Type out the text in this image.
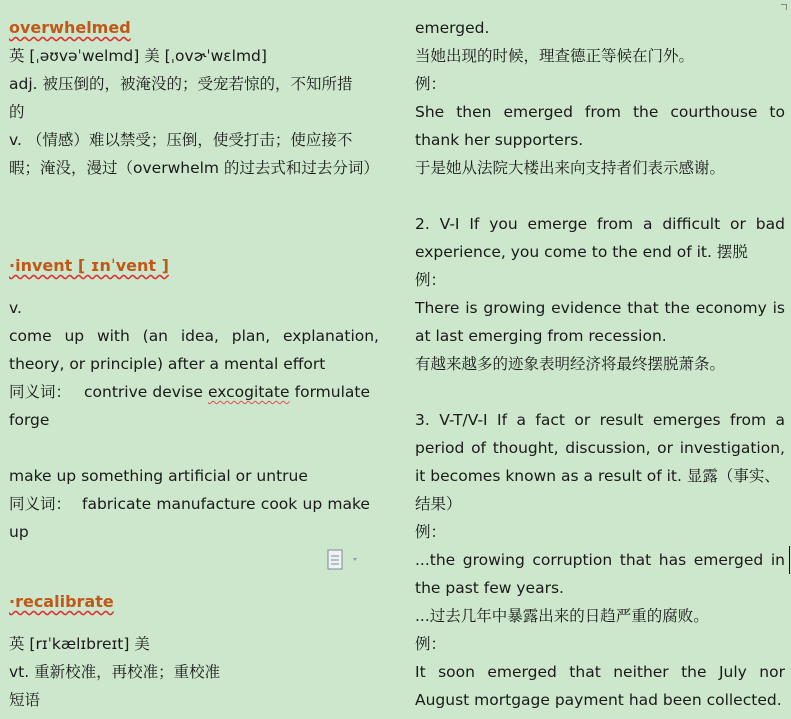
overwhelmed
英 [ˌəʊvəˈwelmd] 美 [ˌovɚˈwɛlmd]
adj. 被压倒的，被淹没的；受宠若惊的，不知所措
的
v. （情感）难以禁受；压倒，使受打击；使应接不
暇；淹没，漫过（overwhelm 的过去式和过去分词）
·invent [ ɪnˈvent ]
v.
come up with (an idea, plan, explanation,
theory, or principle) after a mental effort
同义词： contrive devise excogitate formulate
forge
make up something artificial or untrue
同义词： fabricate manufacture cook up make
up
·recalibrate
英 [rɪˈkælɪbreɪt] 美
vt. 重新校准，再校准；重校准
短语
emerged.
当她出现的时候，理查德正等候在门外。
例：
She then emerged from the courthouse to
thank her supporters.
于是她从法院大楼出来向支持者们表示感谢。
2. V-I If you emerge from a difficult or bad
experience, you come to the end of it. 摆脱
例：
There is growing evidence that the economy is
at last emerging from recession.
有越来越多的迹象表明经济将最终摆脱萧条。
3. V-T/V-I If a fact or result emerges from a
period of thought, discussion, or investigation,
it becomes known as a result of it. 显露（事实、
结果）
例：
...the growing corruption that has emerged in
the past few years.
...过去几年中暴露出来的日趋严重的腐败。
例：
It soon emerged that neither the July nor
August mortgage payment had been collected.
